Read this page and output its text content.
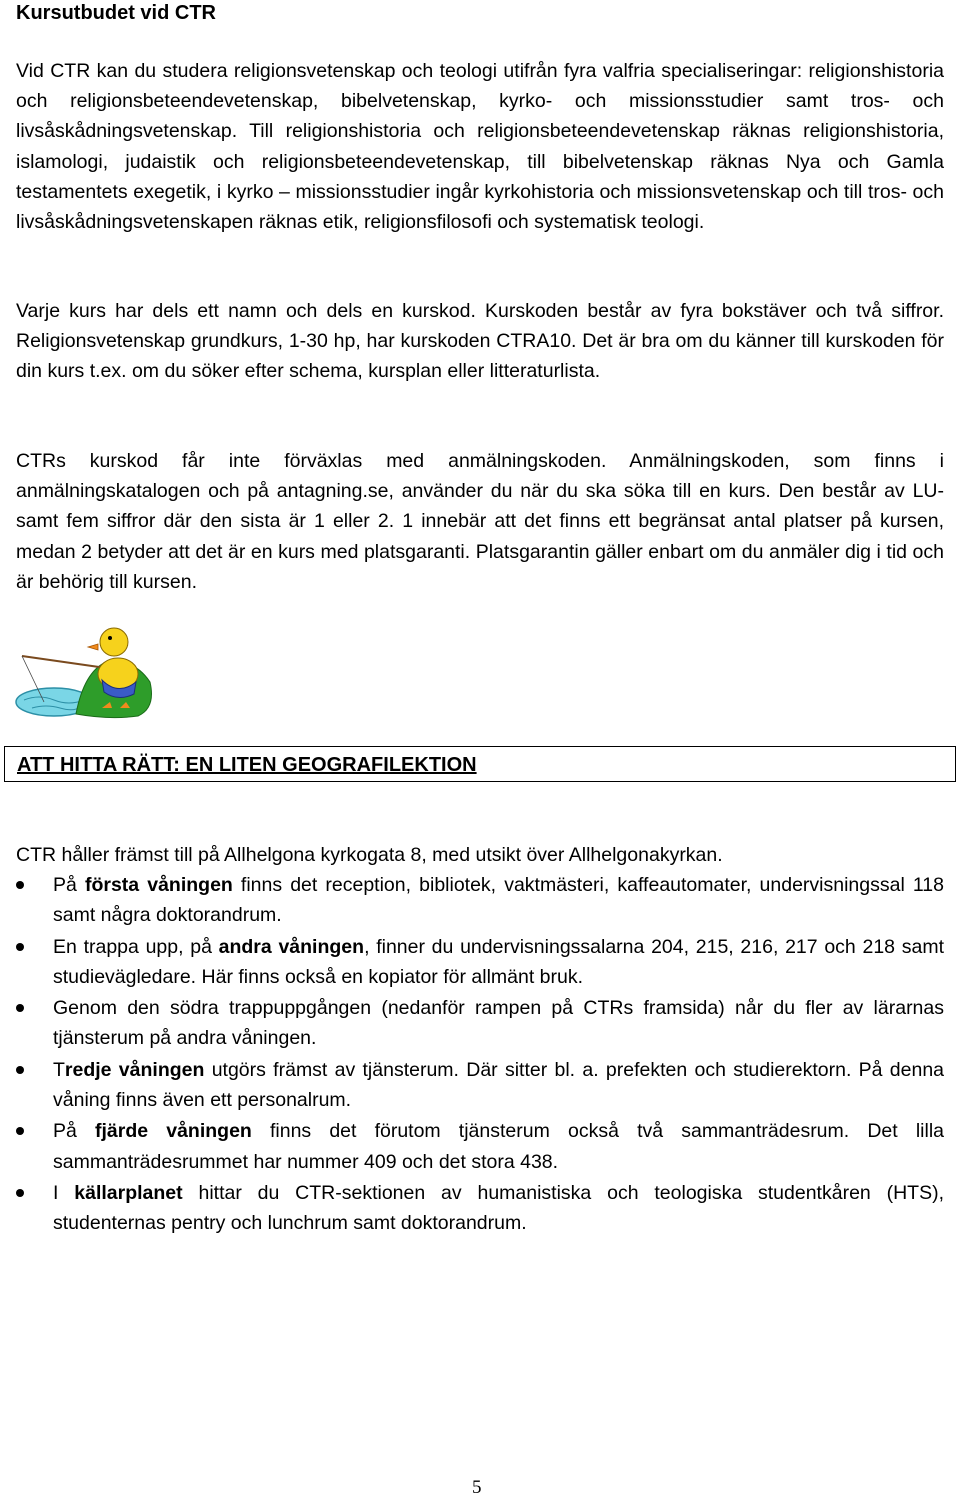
Kursutbudet vid CTR

Vid CTR kan du studera religionsvetenskap och teologi utifrån fyra valfria specialiseringar: religionshistoria och religionsbeteendevetenskap, bibelvetenskap, kyrko- och missionsstudier samt tros- och livsåskådningsvetenskap. Till religionshistoria och religionsbeteendevetenskap räknas religionshistoria, islamologi, judaistik och religionsbeteendevetenskap, till bibelvetenskap räknas Nya och Gamla testamentets exegetik, i kyrko – missionsstudier ingår kyrkohistoria och missionsvetenskap och till tros- och livsåskådningsvetenskapen räknas etik, religionsfilosofi och systematisk teologi.

Varje kurs har dels ett namn och dels en kurskod. Kurskoden består av fyra bokstäver och två siffror. Religionsvetenskap grundkurs, 1-30 hp, har kurskoden CTRA10. Det är bra om du känner till kurskoden för din kurs t.ex. om du söker efter schema, kursplan eller litteraturlista.

CTRs kurskod får inte förväxlas med anmälningskoden. Anmälningskoden, som finns i anmälningskatalogen och på antagning.se, använder du när du ska söka till en kurs. Den består av LU- samt fem siffror där den sista är 1 eller 2. 1 innebär att det finns ett begränsat antal platser på kursen, medan 2 betyder att det är en kurs med platsgaranti. Platsgarantin gäller enbart om du anmäler dig i tid och är behörig till kursen.

ATT HITTA RÄTT: EN LITEN GEOGRAFILEKTION
CTR håller främst till på Allhelgona kyrkogata 8, med utsikt över Allhelgonakyrkan.
På första våningen finns det reception, bibliotek, vaktmästeri, kaffeautomater, undervisningssal 118 samt några doktorandrum.
En trappa upp, på andra våningen, finner du undervisningssalarna 204, 215, 216, 217 och 218 samt studievägledare. Här finns också en kopiator för allmänt bruk.
Genom den södra trappuppgången (nedanför rampen på CTRs framsida) når du fler av lärarnas tjänsterum på andra våningen.
Tredje våningen utgörs främst av tjänsterum. Där sitter bl. a. prefekten och studierektorn. På denna våning finns även ett personalrum.
På fjärde våningen finns det förutom tjänsterum också två sammanträdesrum. Det lilla sammanträdesrummet har nummer 409 och det stora 438.
I källarplanet hittar du CTR-sektionen av humanistiska och teologiska studentkåren (HTS), studenternas pentry och lunchrum samt doktorandrum.
5
